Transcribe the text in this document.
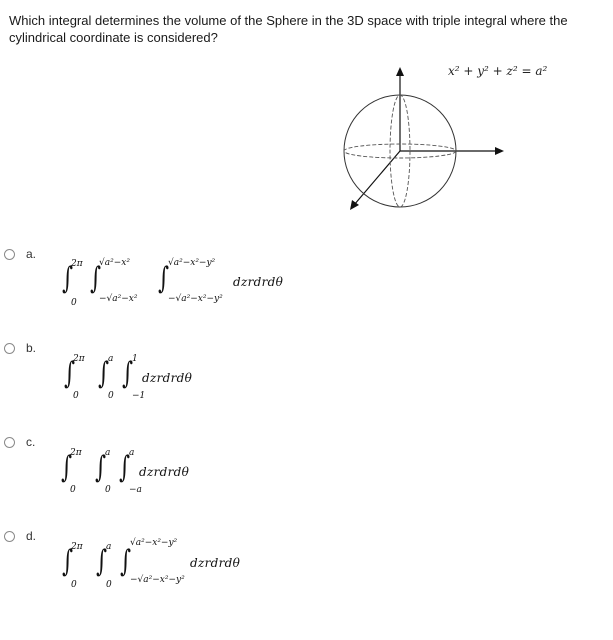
Which integral determines the volume of the Sphere in the 3D space with triple integral where the cylindrical coordinate is considered?
x² + y² + z² = a²
a.
∫
2π
0
∫
√a²−x²
−√a²−x²
∫ √a²−x²−y²
−√a²−x²−y²
dzrdrdθ
b.
∫
2π
0
∫ a
0
∫ 1
−1
dzrdrdθ
c.
∫
2π
0
∫ a
0
∫ a
−a
dzrdrdθ
d.
∫
2π
0
∫ a
0
∫
√a²−x²−y²
−√a²−x²−y²
dzrdrdθ
